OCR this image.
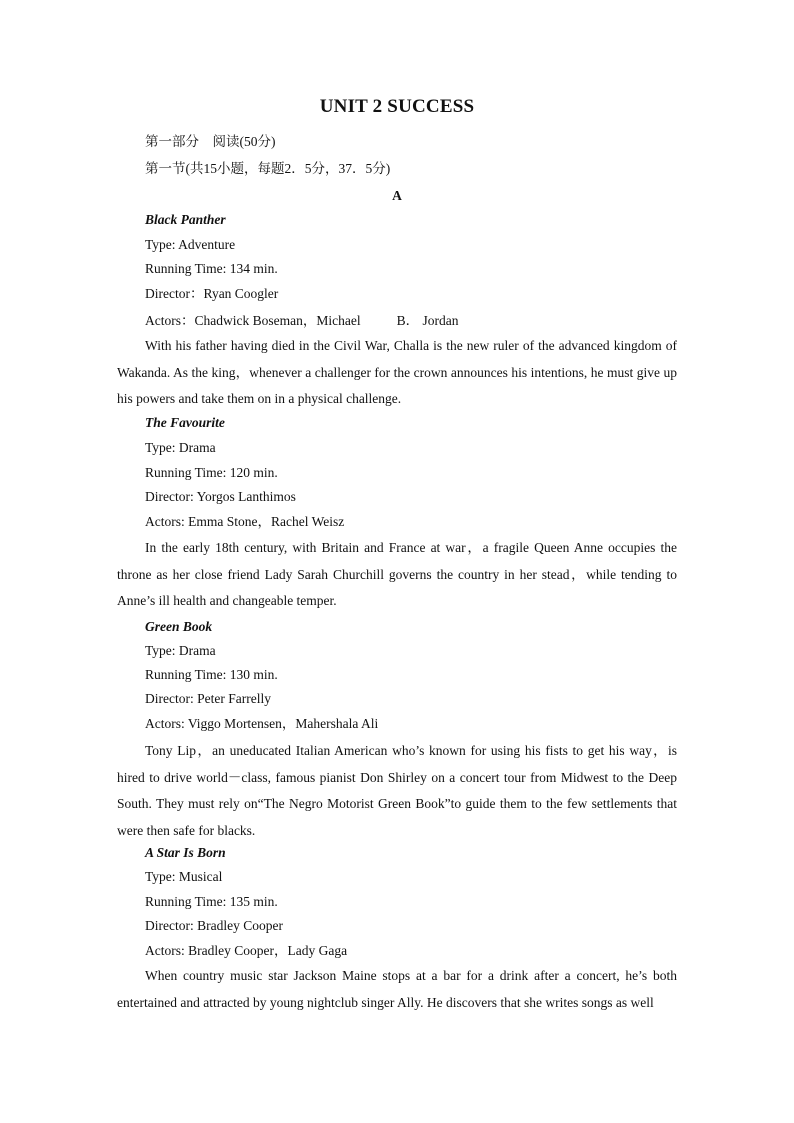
UNIT 2 SUCCESS
第一部分　阅读(50分)
第一节(共15小题，每题2．5分，37．5分)
A
Black Panther
Type: Adventure
Running Time: 134 min.
Director：Ryan Coogler
Actors：Chadwick Boseman，Michael	B． Jordan
With his father having died in the Civil War, Challa is the new ruler of the advanced kingdom of Wakanda. As the king，whenever a challenger for the crown announces his intentions, he must give up his powers and take them on in a physical challenge.
The Favourite
Type: Drama
Running Time: 120 min.
Director: Yorgos Lanthimos
Actors: Emma Stone，Rachel Weisz
In the early 18th century, with Britain and France at war，a fragile Queen Anne occupies the throne as her close friend Lady Sarah Churchill governs the country in her stead，while tending to Anne’s ill health and changeable temper.
Green Book
Type: Drama
Running Time: 130 min.
Director: Peter Farrelly
Actors: Viggo Mortensen，Mahershala Ali
Tony Lip，an uneducated Italian American who’s known for using his fists to get his way，is hired to drive world－class, famous pianist Don Shirley on a concert tour from Midwest to the Deep South. They must rely on“The Negro Motorist Green Book”to guide them to the few settlements that were then safe for blacks.
A Star Is Born
Type: Musical
Running Time: 135 min.
Director: Bradley Cooper
Actors: Bradley Cooper，Lady Gaga
When country music star Jackson Maine stops at a bar for a drink after a concert, he’s both entertained and attracted by young nightclub singer Ally. He discovers that she writes songs as well
